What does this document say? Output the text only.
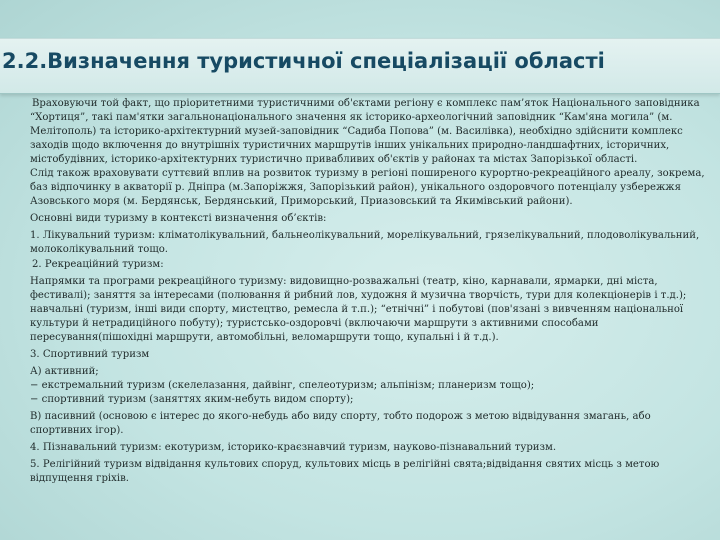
2.2.Визначення туристичної спеціалізації області

Враховуючи той факт, що пріоритетними туристичними об'єктами регіону є комплекс пам’яток Національного заповідника “Хортиця”, такі пам'ятки загальнонаціонального значення як історико-археологічний заповідник “Кам'яна могила” (м. Мелітополь) та історико-архітектурний музей-заповідник “Садиба Попова” (м. Василівка), необхідно здійснити комплекс заходів щодо включення до внутрішніх туристичних маршрутів інших унікальних природно-ландшафтних, історичних, містобудівних, історико-архітектурних туристично привабливих об'єктів у районах та містах Запорізької області.

Слід також враховувати суттєвий вплив на розвиток туризму в регіоні поширеного курортно-рекреаційного ареалу, зокрема, баз відпочинку в акваторії р. Дніпра (м.Запоріжжя, Запорізький район), унікального оздоровчого потенціалу узбережжя Азовського моря (м. Бердянськ, Бердянський, Приморський, Приазовський та Якимівський райони).

Основні види туризму в контексті визначення об’єктів:

1. Лікувальний туризм: кліматолікувальний, бальнеолікувальний, морелікувальний, грязелікувальний, плодоволікувальний, молоколікувальний тощо.

2. Рекреаційний туризм:

Напрямки та програми рекреаційного туризму: видовищно-розважальні (театр, кіно, карнавали, ярмарки, дні міста, фестивалі); заняття за інтересами (полювання й рибний лов, художня й музична творчість, тури для колекціонерів і т.д.); навчальні (туризм, інші види спорту, мистецтво, ремесла й т.п.); “етнічні” і побутові (пов'язані з вивченням національної культури й нетрадиційного побуту); туристсько-оздоровчі (включаючи маршрути з активними способами пересування(пішохідні маршрути, автомобільні, веломаршрути тощо, купальні і й т.д.).

3. Спортивний туризм

А) активний;

− екстремальний туризм (скелелазання, дайвінг, спелеотуризм; альпінізм; планеризм тощо);

− спортивний туризм (заняттях яким-небуть видом спорту);

В) пасивний (основою є інтерес до якого-небудь або виду спорту, тобто подорож з метою відвідування змагань, або спортивних ігор).

4. Пізнавальний туризм: екотуризм, історико-краєзнавчий туризм, науково-пізнавальний туризм.

5. Релігійний туризм відвідання культових споруд, культових місць в релігійні свята;відвідання святих місць з метою відпущення гріхів.
